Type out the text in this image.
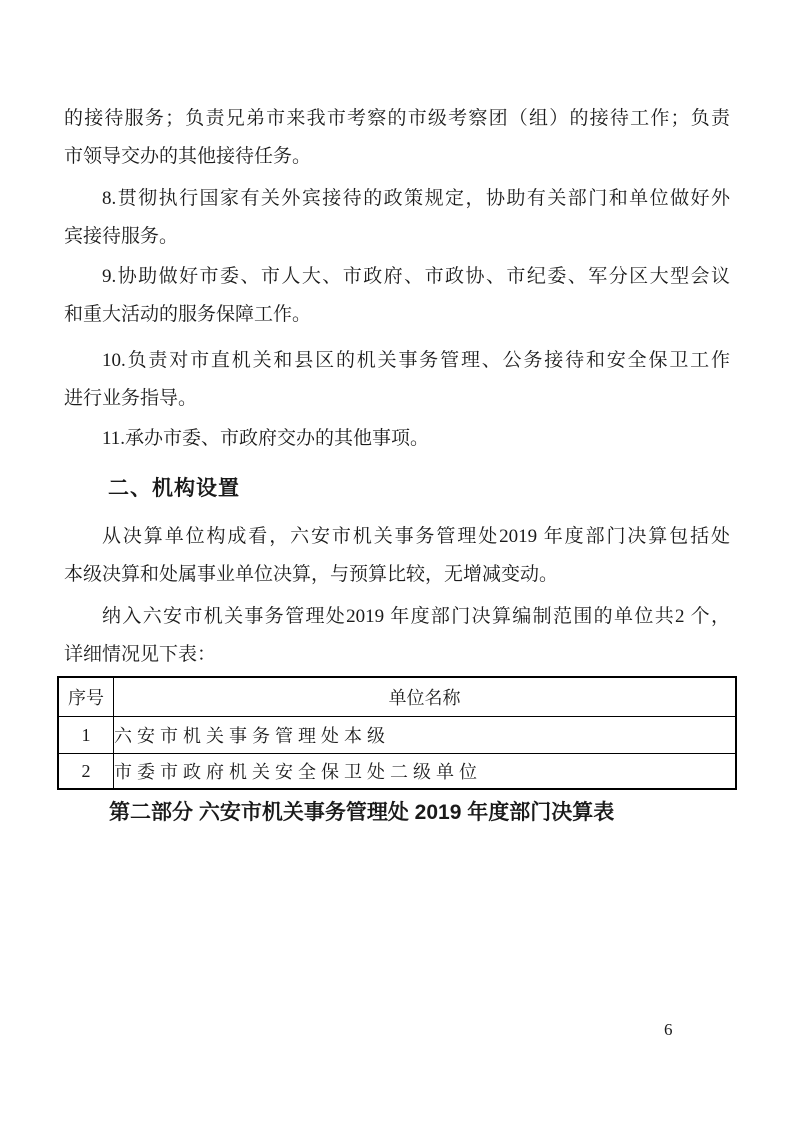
的接待服务；负责兄弟市来我市考察的市级考察团（组）的接待工作；负责
市领导交办的其他接待任务。

8.贯彻执行国家有关外宾接待的政策规定，协助有关部门和单位做好外
宾接待服务。

9.协助做好市委、市人大、市政府、市政协、市纪委、军分区大型会议
和重大活动的服务保障工作。

10.负责对市直机关和县区的机关事务管理、公务接待和安全保卫工作
进行业务指导。

11.承办市委、市政府交办的其他事项。

二、机构设置

从决算单位构成看，六安市机关事务管理处2019 年度部门决算包括处
本级决算和处属事业单位决算，与预算比较，无增减变动。

纳入六安市机关事务管理处2019 年度部门决算编制范围的单位共2 个，
详细情况见下表：

序号	单位名称
1	六安市机关事务管理处本级
2	市委市政府机关安全保卫处二级单位
第二部分 六安市机关事务管理处 2019 年度部门决算表
6
